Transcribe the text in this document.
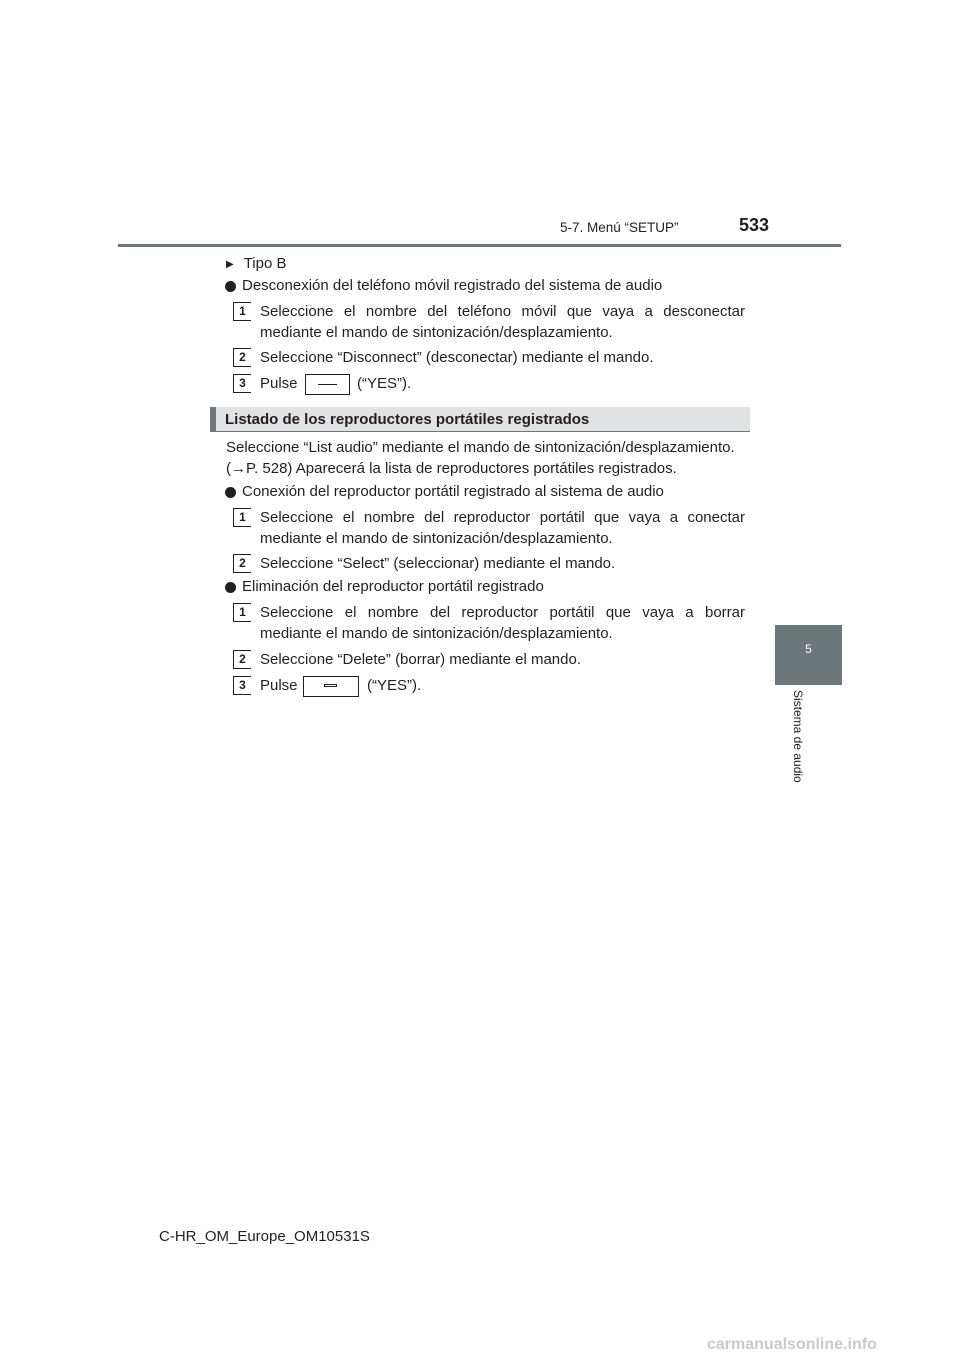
5-7. Menú “SETUP”	533
5
Sistema de audio
▶ Tipo B
Desconexión del teléfono móvil registrado del sistema de audio
1 Seleccione el nombre del teléfono móvil que vaya a desconectar
mediante el mando de sintonización/desplazamiento.
2 Seleccione “Disconnect” (desconectar) mediante el mando.
3 Pulse	(“YES”).
Listado de los reproductores portátiles registrados
Seleccione “List audio” mediante el mando de sintonización/desplazamiento.
(→P. 528) Aparecerá la lista de reproductores portátiles registrados.
Conexión del reproductor portátil registrado al sistema de audio
1 Seleccione el nombre del reproductor portátil que vaya a conectar
mediante el mando de sintonización/desplazamiento.
2 Seleccione “Select” (seleccionar) mediante el mando.
Eliminación del reproductor portátil registrado
1 Seleccione el nombre del reproductor portátil que vaya a borrar
mediante el mando de sintonización/desplazamiento.
2 Seleccione “Delete” (borrar) mediante el mando.
3 Pulse	(“YES”).
C-HR_OM_Europe_OM10531S
carmanualsonline.info
